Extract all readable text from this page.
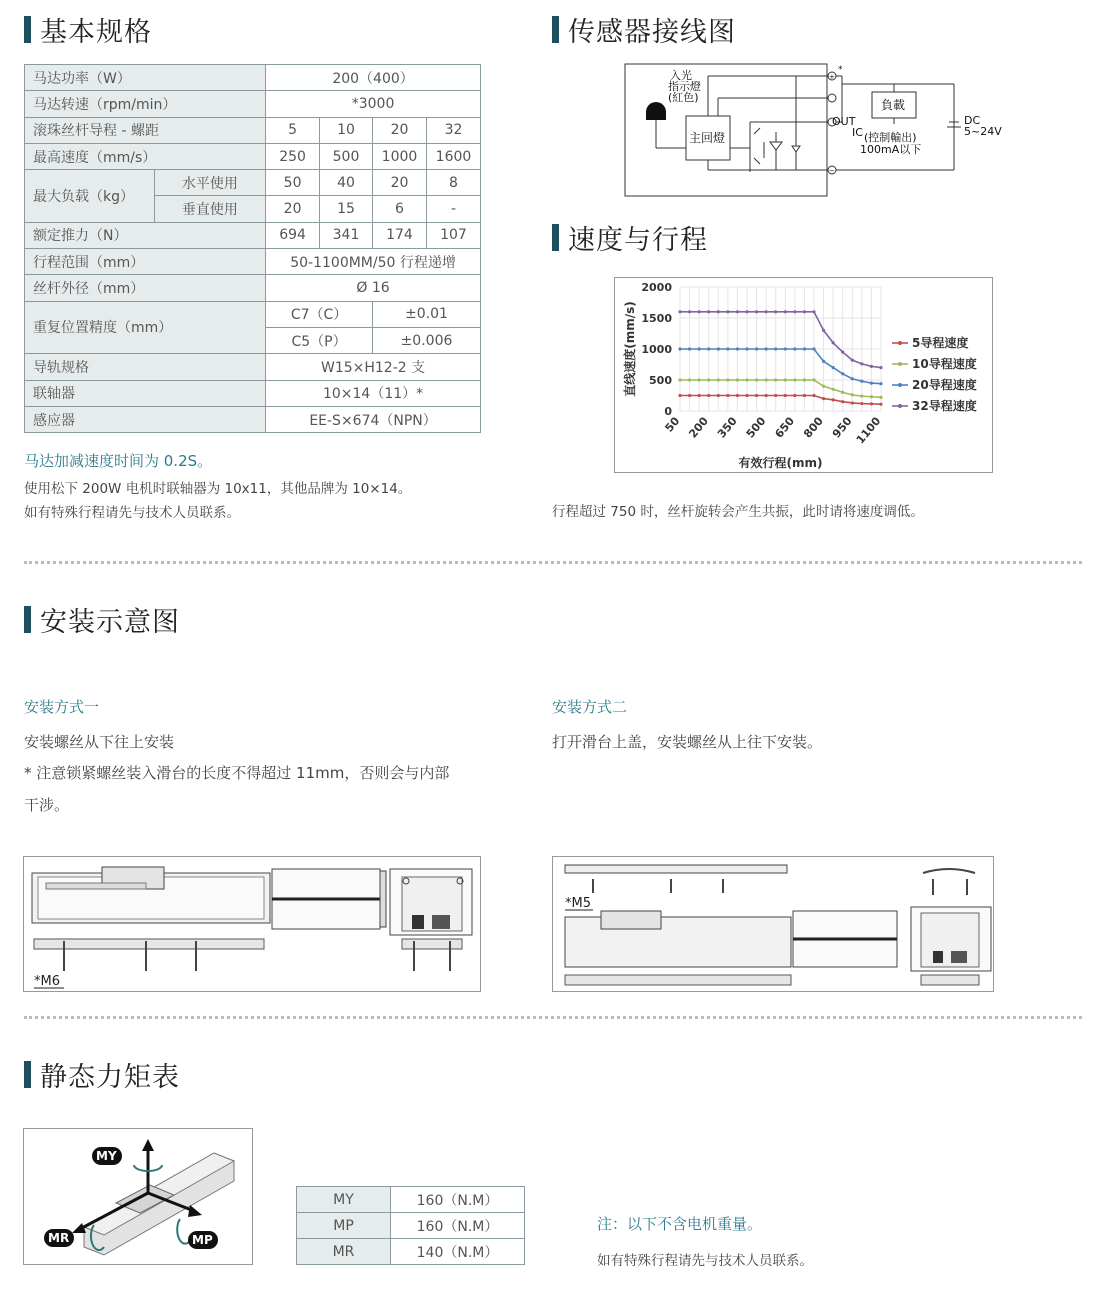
基本规格	传感器接线图
速度与行程
安装示意图
静态力矩表
马达功率（W）		200（400）			
马达转速（rpm/min）		*3000			
滚珠丝杆导程 - 螺距		5	10	20	32
最高速度（mm/s）		250	500	1000	1600
最大负载（kg）	水平使用	50	40	20	8
	垂直使用	20	15	6	-
额定推力（N）		694	341	174	107
行程范围（mm）		50-1100MM/50 行程递增			
丝杆外径（mm）		Ø 16			
重复位置精度（mm）		C7（C）		±0.01	
		C5（P）		±0.006	
导轨规格		W15×H12-2 支			
联轴器		10×14（11）*			
感应器		EE-S×674（NPN）			
马达加减速度时间为 0.2S。
使用松下 200W 电机时联轴器为 10x11，其他品牌为 10×14。
如有特殊行程请先与技术人员联系。
入光
指示燈
(紅色)
主回燈
*
+
−
負載
OUT
IC (控制輸出)
100mA以下
DC
5~24V
0
500
1000
1500
2000
50 200 350 500 650 800 950 1100
有效行程(mm)
直线速度(mm/s)	5导程速度
10导程速度
20导程速度
32导程速度
行程超过 750 时，丝杆旋转会产生共振，此时请将速度调低。
安装方式一
安装螺丝从下往上安装
* 注意锁紧螺丝装入滑台的长度不得超过 11mm，否则会与内部
干涉。
安装方式二
打开滑台上盖，安装螺丝从上往下安装。
*M6
*M5
MY
MR	MP
MY	160（N.M）
MP	160（N.M）
MR	140（N.M）
注：以下不含电机重量。
如有特殊行程请先与技术人员联系。
